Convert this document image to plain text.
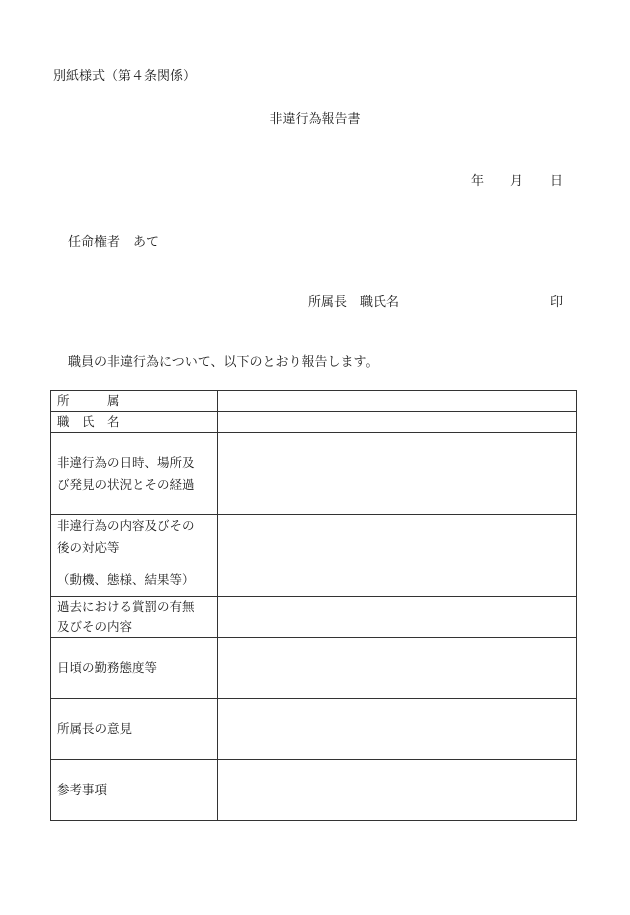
別紙様式（第４条関係）
非違行為報告書
年 月 日
任命権者　あて
所属長　職氏名	印
職員の非違行為について、以下のとおり報告します。
所　　　属	

職　氏　名	

非違行為の日時、場所及
び発見の状況とその経過	

非違行為の内容及びその
後の対応等
（動機、態様、結果等）	

過去における賞罰の有無
及びその内容	

日頃の勤務態度等	

所属長の意見	

参考事項	
